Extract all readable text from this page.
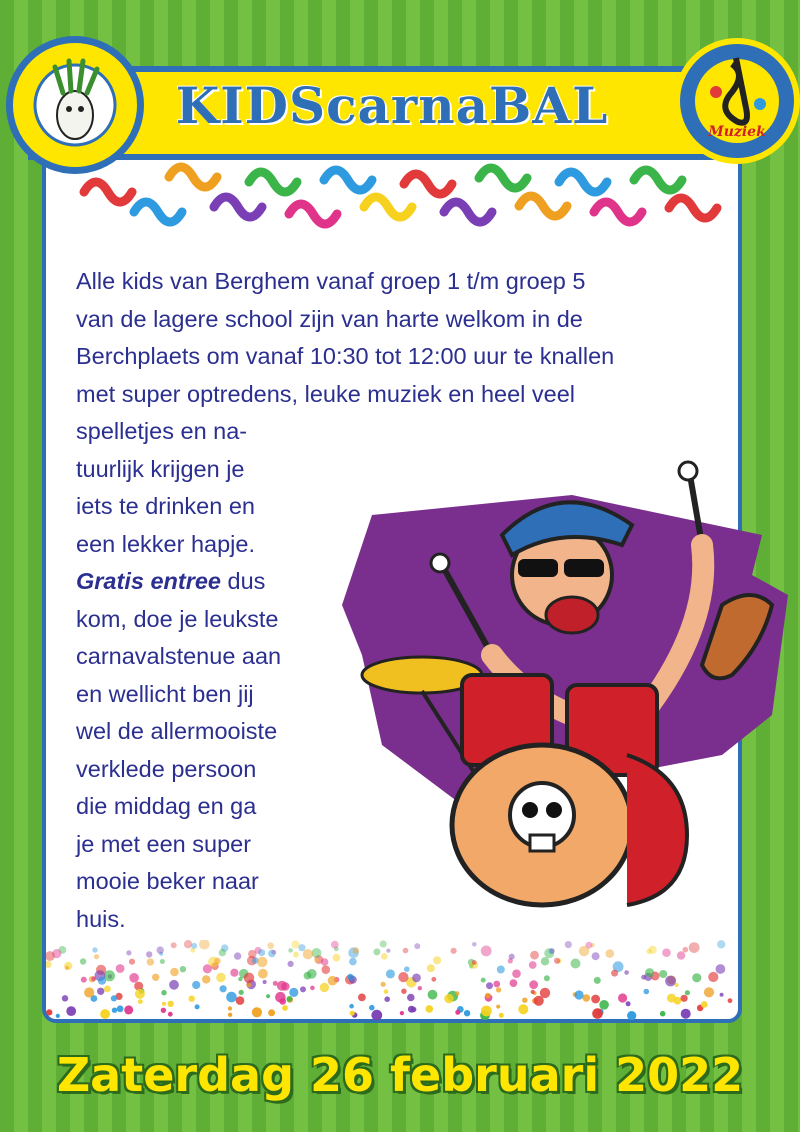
KIDScarnaBAL	Muziek
Alle kids van Berghem vanaf groep 1 t/m groep 5
van de lagere school zijn van harte welkom in de
Berchplaets om vanaf 10:30 tot 12:00 uur te knallen
met super optredens, leuke muziek en heel veel
spelletjes en na-
tuurlijk krijgen je
iets te drinken en
een lekker hapje.
Gratis entree dus
kom, doe je leukste
carnavalstenue aan
en wellicht ben jij
wel de allermooiste
verklede persoon
die middag en ga
je met een super
mooie beker naar
huis.
Zaterdag 26 februari 2022
